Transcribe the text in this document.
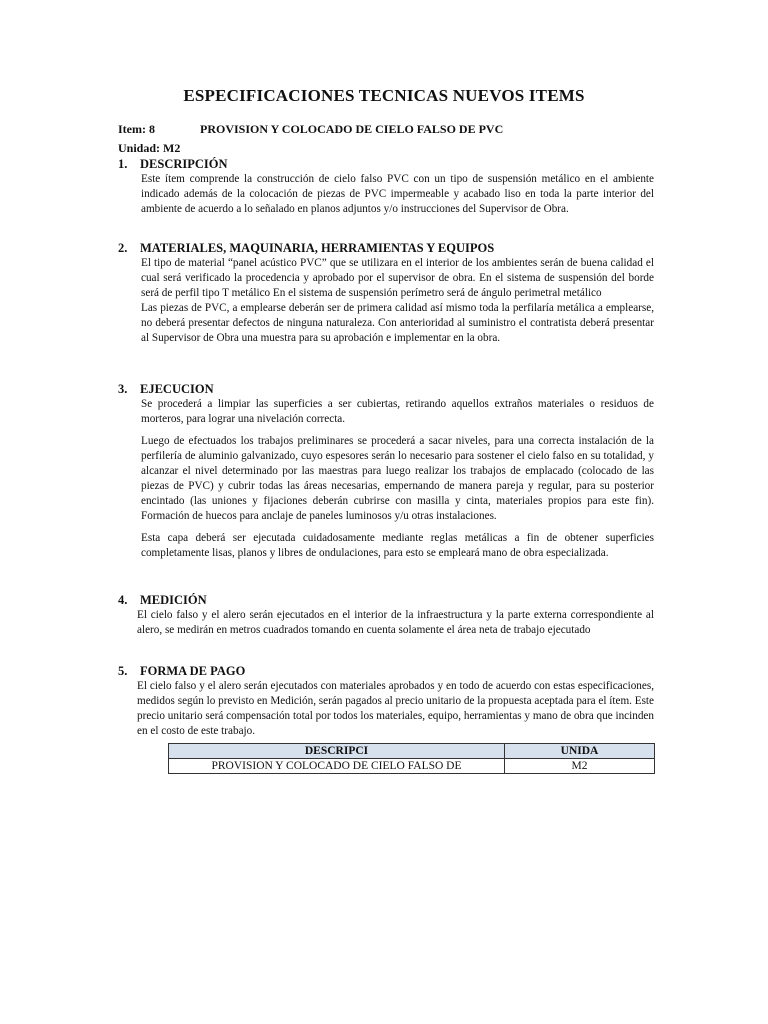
ESPECIFICACIONES TECNICAS NUEVOS ITEMS
Item: 8	PROVISION Y COLOCADO DE CIELO FALSO DE PVC
Unidad: M2
1. DESCRIPCIÓN

Este ítem comprende la construcción de cielo falso PVC con un tipo de suspensión metálico en el ambiente indicado además de la colocación de piezas de PVC impermeable y acabado liso en toda la parte interior del ambiente de acuerdo a lo señalado en planos adjuntos y/o instrucciones del Supervisor de Obra.

2. MATERIALES, MAQUINARIA, HERRAMIENTAS Y EQUIPOS

El tipo de material “panel acústico PVC” que se utilizara en el interior de los ambientes serán de buena calidad el cual será verificado la procedencia y aprobado por el supervisor de obra. En el sistema de suspensión del borde será de perfil tipo T metálico En el sistema de suspensión perímetro será de ángulo perimetral metálico

Las piezas de PVC, a emplearse deberán ser de primera calidad así mismo toda la perfilaría metálica a emplearse, no deberá presentar defectos de ninguna naturaleza. Con anterioridad al suministro el contratista deberá presentar al Supervisor de Obra una muestra para su aprobación e implementar en la obra.

3. EJECUCION

Se procederá a limpiar las superficies a ser cubiertas, retirando aquellos extraños materiales o residuos de morteros, para lograr una nivelación correcta.

Luego de efectuados los trabajos preliminares se procederá a sacar niveles, para una correcta instalación de la perfilería de aluminio galvanizado, cuyo espesores serán lo necesario para sostener el cielo falso en su totalidad, y alcanzar el nivel determinado por las maestras para luego realizar los trabajos de emplacado (colocado de las piezas de PVC) y cubrir todas las áreas necesarias, empernando de manera pareja y regular, para su posterior encintado (las uniones y fijaciones deberán cubrirse con masilla y cinta, materiales propios para este fin). Formación de huecos para anclaje de paneles luminosos y/u otras instalaciones.

Esta capa deberá ser ejecutada cuidadosamente mediante reglas metálicas a fin de obtener superficies completamente lisas, planos y libres de ondulaciones, para esto se empleará mano de obra especializada.

4. MEDICIÓN

El cielo falso y el alero serán ejecutados en el interior de la infraestructura y la parte externa correspondiente al alero, se medirán en metros cuadrados tomando en cuenta solamente el área neta de trabajo ejecutado

5. FORMA DE PAGO

El cielo falso y el alero serán ejecutados con materiales aprobados y en todo de acuerdo con estas especificaciones, medidos según lo previsto en Medición, serán pagados al precio unitario de la propuesta aceptada para el ítem. Este precio unitario será compensación total por todos los materiales, equipo, herramientas y mano de obra que incinden en el costo de este trabajo.

DESCRIPCI	UNIDA
PROVISION Y COLOCADO DE CIELO FALSO DE	M2
